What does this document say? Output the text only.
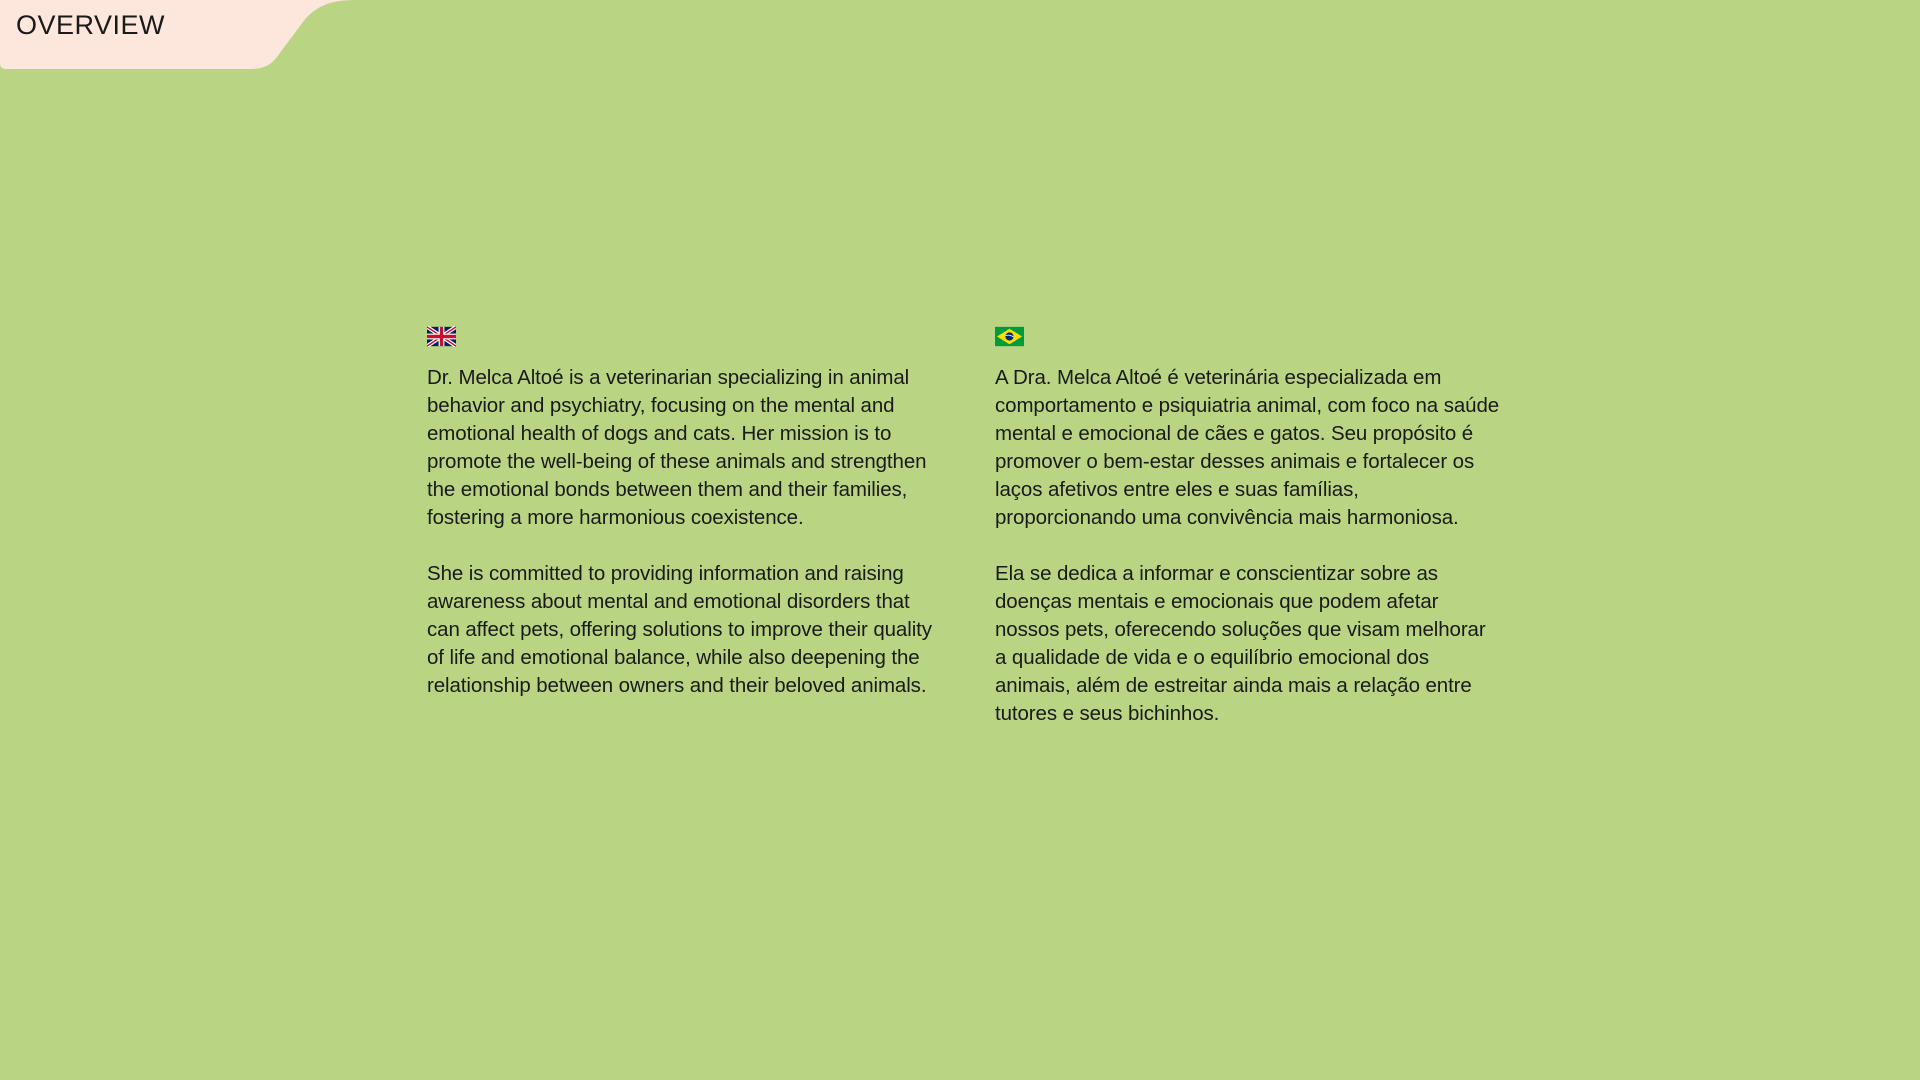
OVERVIEW

Dr. Melca Altoé is a veterinarian specializing in animal behavior and psychiatry, focusing on the mental and emotional health of dogs and cats. Her mission is to promote the well-being of these animals and strengthen the emotional bonds between them and their families, fostering a more harmonious coexistence.

She is committed to providing information and raising awareness about mental and emotional disorders that can affect pets, offering solutions to improve their quality of life and emotional balance, while also deepening the relationship between owners and their beloved animals.

A Dra. Melca Altoé é veterinária especializada em comportamento e psiquiatria animal, com foco na saúde mental e emocional de cães e gatos. Seu propósito é promover o bem-estar desses animais e fortalecer os laços afetivos entre eles e suas famílias, proporcionando uma convivência mais harmoniosa.

Ela se dedica a informar e conscientizar sobre as doenças mentais e emocionais que podem afetar nossos pets, oferecendo soluções que visam melhorar a qualidade de vida e o equilíbrio emocional dos animais, além de estreitar ainda mais a relação entre tutores e seus bichinhos.
